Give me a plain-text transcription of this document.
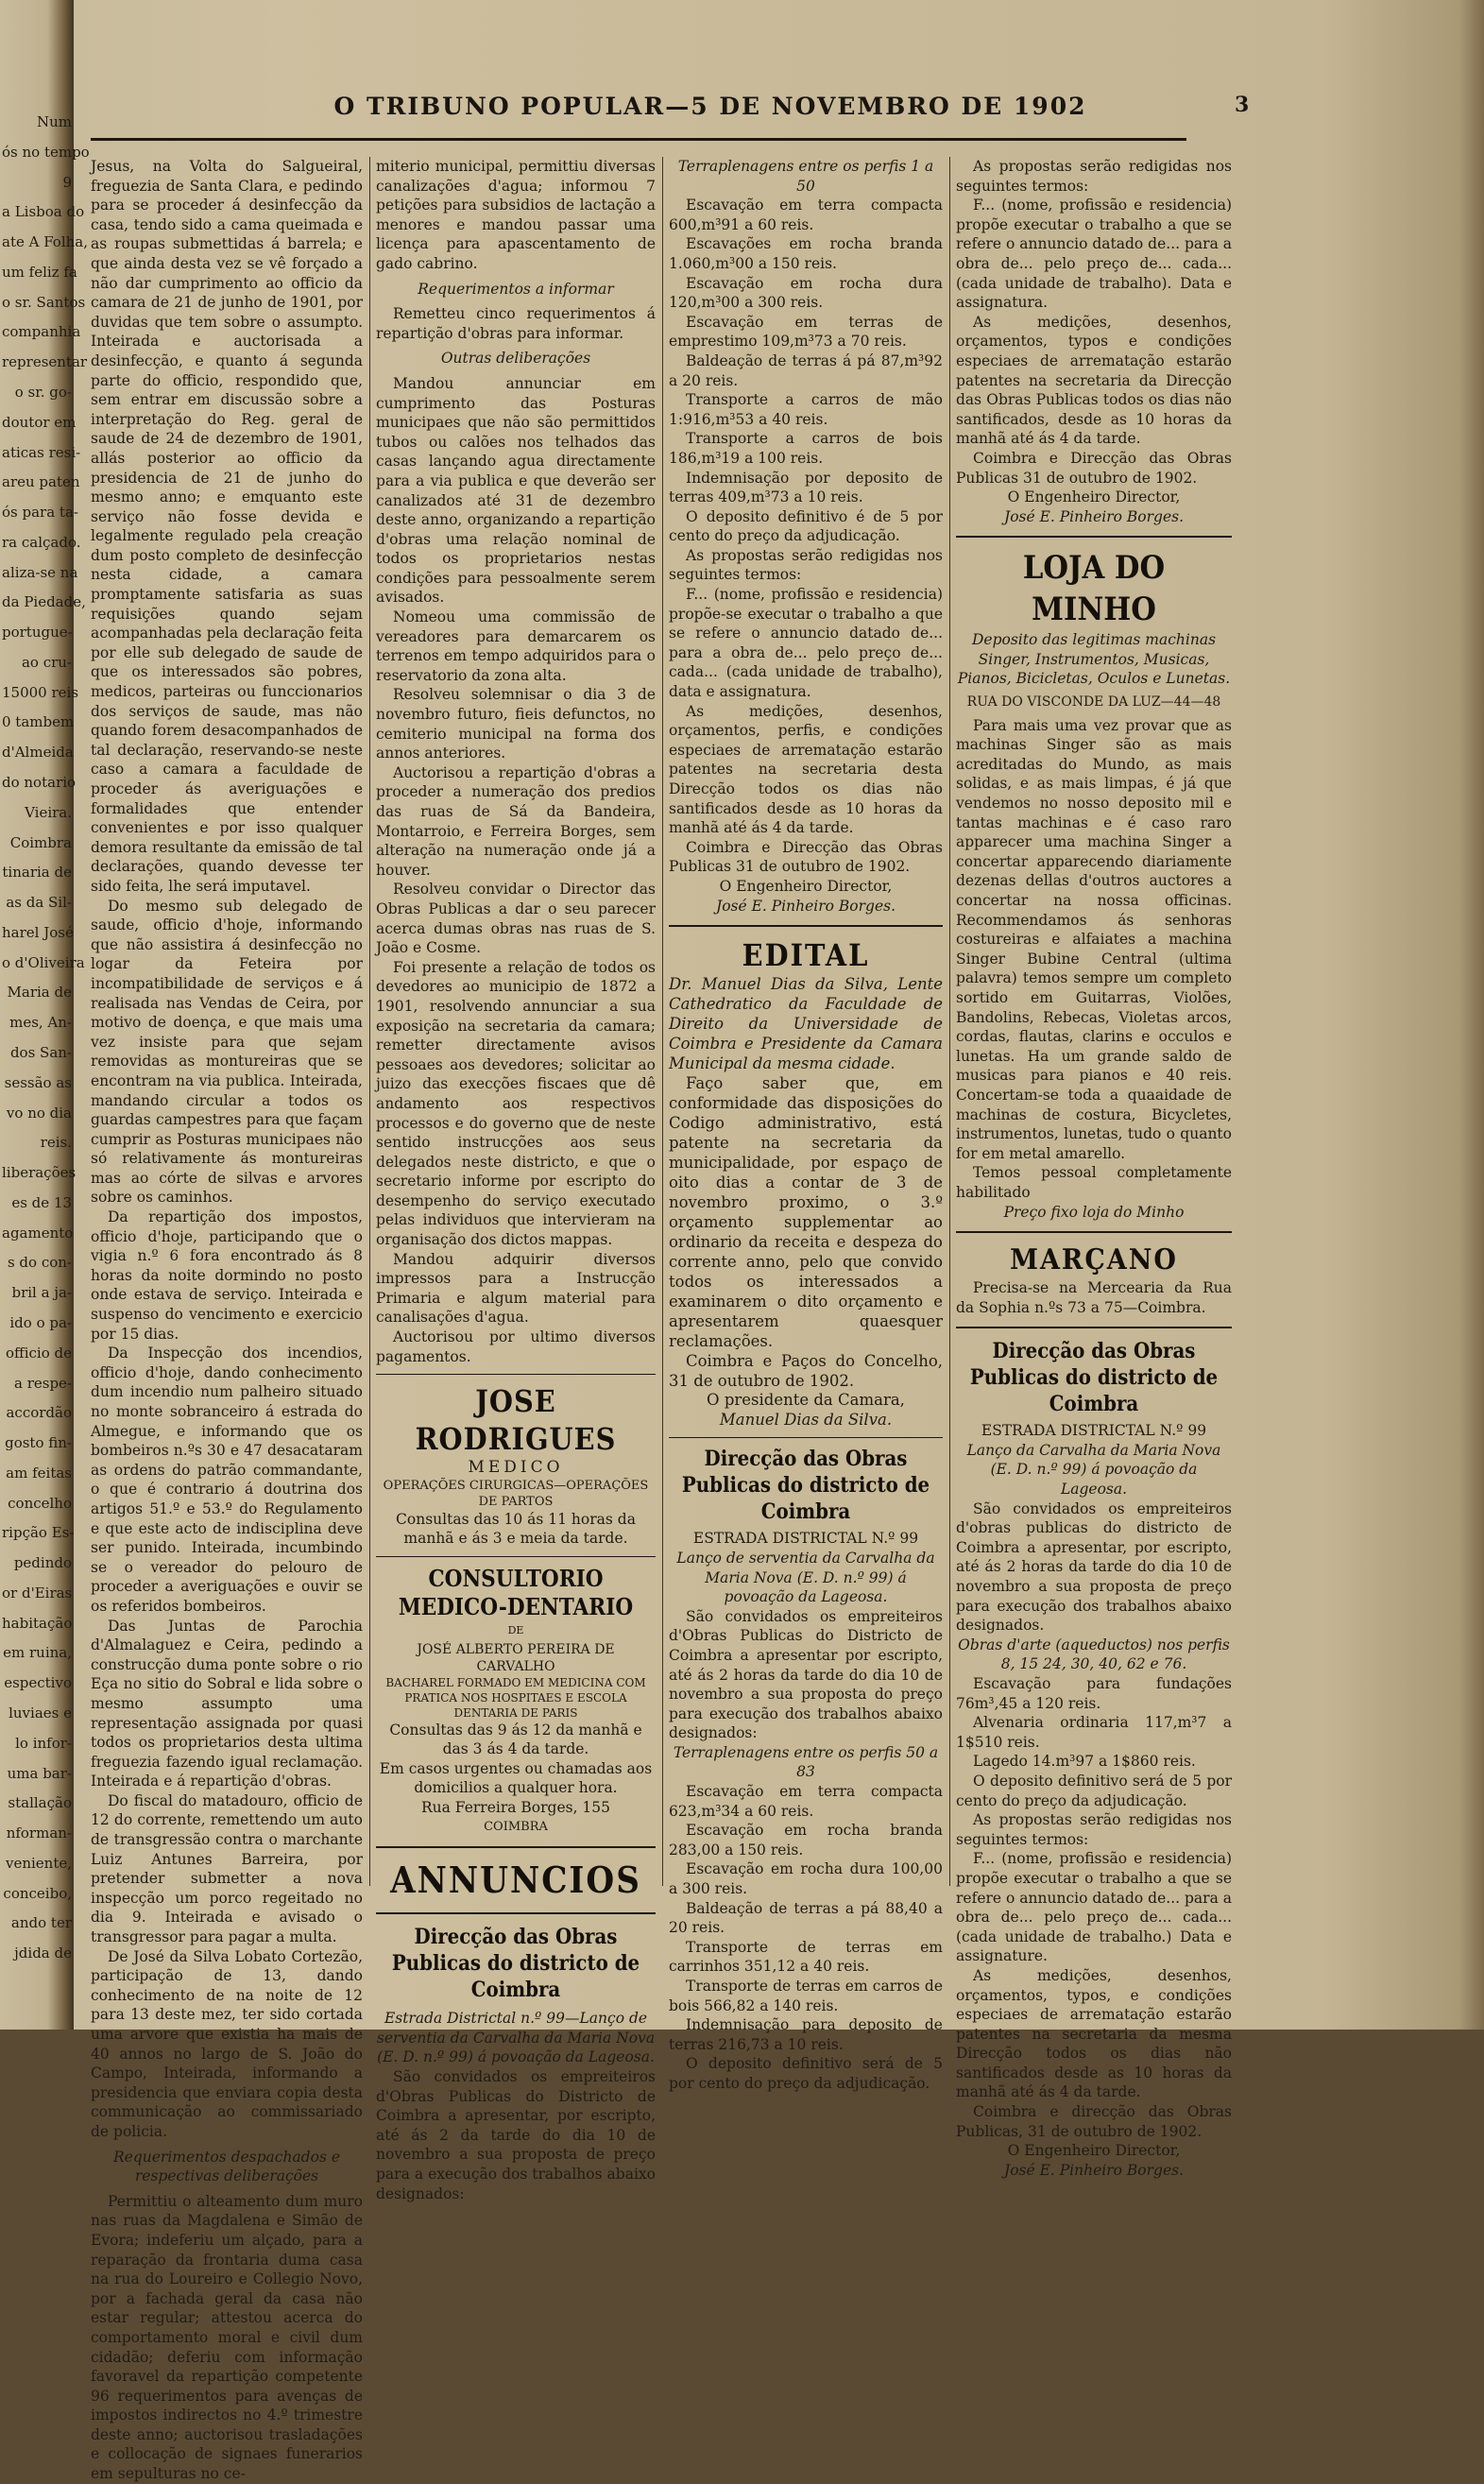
Num
ós no tempo
9
a Lisboa do
ate A Folha,
um feliz fa
o sr. Santos
companhia
representar
o sr. go-
doutor em
aticas resi-
areu paten
ós para ta-
ra calçado.
aliza-se na
da Piedade,
portugue-
ao cru-
15000 reis
0 tambem
d'Almeida
do notario
Vieira.
Coimbra
tinaria de
as da Sil-
harel José
o d'Oliveira
Maria de
mes, An-
dos San-
sessão as
vo no dia
reis.
liberações
es de 13
agamento
s do con-
bril a ja-
ido o pa-
officio de
a respe-
accordão
gosto fin-
am feitas
concelho
ripção Es-
pedindo
or d'Eiras
habitação
em ruina,
espectivo
luviaes e
lo infor-
uma bar-
stallação
nforman-
veniente,
conceibo,
ando ter
jdida de
O TRIBUNO POPULAR—5 DE NOVEMBRO DE 1902	3

Jesus, na Volta do Salgueiral, freguezia de Santa Clara, e pedindo para se proceder á desinfecção da casa, tendo sido a cama queimada e as roupas submettidas á barrela; e que ainda desta vez se vê forçado a não dar cumprimento ao officio da camara de 21 de junho de 1901, por duvidas que tem sobre o assumpto. Inteirada e auctorisada a desinfecção, e quanto á segunda parte do officio, respondido que, sem entrar em discussão sobre a interpretação do Reg. geral de saude de 24 de dezembro de 1901, allás posterior ao officio da presidencia de 21 de junho do mesmo anno; e emquanto este serviço não fosse devida e legalmente regulado pela creação dum posto completo de desinfecção nesta cidade, a camara promptamente satisfaria as suas requisições quando sejam acompanhadas pela declaração feita por elle sub delegado de saude de que os interessados são pobres, medicos, parteiras ou funccionarios dos serviços de saude, mas não quando forem desacompanhados de tal declaração, reservando-se neste caso a camara a faculdade de proceder ás averiguações e formalidades que entender convenientes e por isso qualquer demora resultante da emissão de tal declarações, quando devesse ter sido feita, lhe será imputavel.

Do mesmo sub delegado de saude, officio d'hoje, informando que não assistira á desinfecção no logar da Feteira por incompatibilidade de serviços e á realisada nas Vendas de Ceira, por motivo de doença, e que mais uma vez insiste para que sejam removidas as montureiras que se encontram na via publica. Inteirada, mandando circular a todos os guardas campestres para que façam cumprir as Posturas municipaes não só relativamente ás montureiras mas ao córte de silvas e arvores sobre os caminhos.

Da repartição dos impostos, officio d'hoje, participando que o vigia n.º 6 fora encontrado ás 8 horas da noite dormindo no posto onde estava de serviço. Inteirada e suspenso do vencimento e exercicio por 15 dias.

Da Inspecção dos incendios, officio d'hoje, dando conhecimento dum incendio num palheiro situado no monte sobranceiro á estrada do Almegue, e informando que os bombeiros n.ºs 30 e 47 desacataram as ordens do patrão commandante, o que é contrario á doutrina dos artigos 51.º e 53.º do Regulamento e que este acto de indisciplina deve ser punido. Inteirada, incumbindo se o vereador do pelouro de proceder a averiguações e ouvir se os referidos bombeiros.

Das Juntas de Parochia d'Almalaguez e Ceira, pedindo a construcção duma ponte sobre o rio Eça no sitio do Sobral e lida sobre o mesmo assumpto uma representação assignada por quasi todos os proprietarios desta ultima freguezia fazendo igual reclamação. Inteirada e á repartição d'obras.

Do fiscal do matadouro, officio de 12 do corrente, remettendo um auto de transgressão contra o marchante Luiz Antunes Barreira, por pretender submetter a nova inspecção um porco regeitado no dia 9. Inteirada e avisado o transgressor para pagar a multa.

De José da Silva Lobato Cortezão, participação de 13, dando conhecimento de na noite de 12 para 13 deste mez, ter sido cortada uma arvore que existia ha mais de 40 annos no largo de S. João do Campo, Inteirada, informando a presidencia que enviara copia desta communicação ao commissariado de policia.

Requerimentos despachados e respectivas deliberações

Permittiu o alteamento dum muro nas ruas da Magdalena e Simão de Evora; indeferiu um alçado, para a reparação da frontaria duma casa na rua do Loureiro e Collegio Novo, por a fachada geral da casa não estar regular; attestou acerca do comportamento moral e civil dum cidadão; deferiu com informação favoravel da repartição competente 96 requerimentos para avenças de impostos indirectos no 4.º trimestre deste anno; auctorisou trasladações e collocação de signaes funerarios em sepulturas no ce-

miterio municipal, permittiu diversas canalizações d'agua; informou 7 petições para subsidios de lactação a menores e mandou passar uma licença para apascentamento de gado cabrino.

Requerimentos a informar

Remetteu cinco requerimentos á repartição d'obras para informar.

Outras deliberações

Mandou annunciar em cumprimento das Posturas municipaes que não são permittidos tubos ou calões nos telhados das casas lançando agua directamente para a via publica e que deverão ser canalizados até 31 de dezembro deste anno, organizando a repartição d'obras uma relação nominal de todos os proprietarios nestas condições para pessoalmente serem avisados.

Nomeou uma commissão de vereadores para demarcarem os terrenos em tempo adquiridos para o reservatorio da zona alta.

Resolveu solemnisar o dia 3 de novembro futuro, fieis defunctos, no cemiterio municipal na forma dos annos anteriores.

Auctorisou a repartição d'obras a proceder a numeração dos predios das ruas de Sá da Bandeira, Montarroio, e Ferreira Borges, sem alteração na numeração onde já a houver.

Resolveu convidar o Director das Obras Publicas a dar o seu parecer acerca dumas obras nas ruas de S. João e Cosme.

Foi presente a relação de todos os devedores ao municipio de 1872 a 1901, resolvendo annunciar a sua exposição na secretaria da camara; remetter directamente avisos pessoaes aos devedores; solicitar ao juizo das execções fiscaes que dê andamento aos respectivos processos e do governo que de neste sentido instrucções aos seus delegados neste districto, e que o secretario informe por escripto do desempenho do serviço executado pelas individuos que intervieram na organisação dos dictos mappas.

Mandou adquirir diversos impressos para a Instrucção Primaria e algum material para canalisações d'agua.

Auctorisou por ultimo diversos pagamentos.

JOSE RODRIGUES
MEDICO
OPERAÇÕES CIRURGICAS—OPERAÇÕES DE PARTOS

Consultas das 10 ás 11 horas da manhã e ás 3 e meia da tarde.

CONSULTORIO MEDICO-DENTARIO
DE
JOSÉ ALBERTO PEREIRA DE CARVALHO
BACHAREL FORMADO EM MEDICINA COM PRATICA NOS HOSPITAES E ESCOLA DENTARIA DE PARIS

Consultas das 9 ás 12 da manhã e das 3 ás 4 da tarde.

Em casos urgentes ou chamadas aos domicilios a qualquer hora.

Rua Ferreira Borges, 155
COIMBRA
ANNUNCIOS
Direcção das Obras Publicas do districto de Coimbra

Estrada Districtal n.º 99—Lanço de serventia da Carvalha da Maria Nova (E. D. n.º 99) á povoação da Lageosa.

São convidados os empreiteiros d'Obras Publicas do Districto de Coimbra a apresentar, por escripto, até ás 2 da tarde do dia 10 de novembro a sua proposta de preço para a execução dos trabalhos abaixo designados:

Terraplenagens entre os perfis 1 a 50

Escavação em terra compacta 600,m³91 a 60 reis.

Escavações em rocha branda 1.060,m³00 a 150 reis.

Escavação em rocha dura 120,m³00 a 300 reis.

Escavação em terras de emprestimo 109,m³73 a 70 reis.

Baldeação de terras á pá 87,m³92 a 20 reis.

Transporte a carros de mão 1:916,m³53 a 40 reis.

Transporte a carros de bois 186,m³19 a 100 reis.

Indemnisação por deposito de terras 409,m³73 a 10 reis.

O deposito definitivo é de 5 por cento do preço da adjudicação.

As propostas serão redigidas nos seguintes termos:

F... (nome, profissão e residencia) propõe-se executar o trabalho a que se refere o annuncio datado de... para a obra de... pelo preço de... cada... (cada unidade de trabalho), data e assignatura.

As medições, desenhos, orçamentos, perfis, e condições especiaes de arrematação estarão patentes na secretaria desta Direcção todos os dias não santificados desde as 10 horas da manhã até ás 4 da tarde.

Coimbra e Direcção das Obras Publicas 31 de outubro de 1902.

O Engenheiro Director,

José E. Pinheiro Borges.

EDITAL

Dr. Manuel Dias da Silva, Lente Cathedratico da Faculdade de Direito da Universidade de Coimbra e Presidente da Camara Municipal da mesma cidade.

Faço saber que, em conformidade das disposições do Codigo administrativo, está patente na secretaria da municipalidade, por espaço de oito dias a contar de 3 de novembro proximo, o 3.º orçamento supplementar ao ordinario da receita e despeza do corrente anno, pelo que convido todos os interessados a examinarem o dito orçamento e apresentarem quaesquer reclamações.

Coimbra e Paços do Concelho, 31 de outubro de 1902.

O presidente da Camara,

Manuel Dias da Silva.

Direcção das Obras Publicas do districto de Coimbra

ESTRADA DISTRICTAL N.º 99

Lanço de serventia da Carvalha da Maria Nova (E. D. n.º 99) á povoação da Lageosa.

São convidados os empreiteiros d'Obras Publicas do Districto de Coimbra a apresentar por escripto, até ás 2 horas da tarde do dia 10 de novembro a sua proposta do preço para execução dos trabalhos abaixo designados:

Terraplenagens entre os perfis 50 a 83

Escavação em terra compacta 623,m³34 a 60 reis.

Escavação em rocha branda 283,00 a 150 reis.

Escavação em rocha dura 100,00 a 300 reis.

Baldeação de terras a pá 88,40 a 20 reis.

Transporte de terras em carrinhos 351,12 a 40 reis.

Transporte de terras em carros de bois 566,82 a 140 reis.

Indemnisação para deposito de terras 216,73 a 10 reis.

O deposito definitivo será de 5 por cento do preço da adjudicação.

As propostas serão redigidas nos seguintes termos:

F... (nome, profissão e residencia) propõe executar o trabalho a que se refere o annuncio datado de... para a obra de... pelo preço de... cada... (cada unidade de trabalho). Data e assignatura.

As medições, desenhos, orçamentos, typos e condições especiaes de arrematação estarão patentes na secretaria da Direcção das Obras Publicas todos os dias não santificados, desde as 10 horas da manhã até ás 4 da tarde.

Coimbra e Direcção das Obras Publicas 31 de outubro de 1902.

O Engenheiro Director,

José E. Pinheiro Borges.

LOJA DO MINHO

Deposito das legitimas machinas Singer, Instrumentos, Musicas, Pianos, Bicicletas, Oculos e Lunetas.

RUA DO VISCONDE DA LUZ—44—48

Para mais uma vez provar que as machinas Singer são as mais acreditadas do Mundo, as mais solidas, e as mais limpas, é já que vendemos no nosso deposito mil e tantas machinas e é caso raro apparecer uma machina Singer a concertar apparecendo diariamente dezenas dellas d'outros auctores a concertar na nossa officinas. Recommendamos ás senhoras costureiras e alfaiates a machina Singer Bubine Central (ultima palavra) temos sempre um completo sortido em Guitarras, Violões, Bandolins, Rebecas, Violetas arcos, cordas, flautas, clarins e occulos e lunetas. Ha um grande saldo de musicas para pianos e 40 reis. Concertam-se toda a quaaidade de machinas de costura, Bicycletes, instrumentos, lunetas, tudo o quanto for em metal amarello.

Temos pessoal completamente habilitado

Preço fixo loja do Minho

MARÇANO

Precisa-se na Mercearia da Rua da Sophia n.ºs 73 a 75—Coimbra.

Direcção das Obras Publicas do districto de Coimbra

ESTRADA DISTRICTAL N.º 99

Lanço da Carvalha da Maria Nova (E. D. n.º 99) á povoação da Lageosa.

São convidados os empreiteiros d'obras publicas do districto de Coimbra a apresentar, por escripto, até ás 2 horas da tarde do dia 10 de novembro a sua proposta de preço para execução dos trabalhos abaixo designados.

Obras d'arte (aqueductos) nos perfis 8, 15 24, 30, 40, 62 e 76.

Escavação para fundações 76m³,45 a 120 reis.

Alvenaria ordinaria 117,m³7 a 1$510 reis.

Lagedo 14.m³97 a 1$860 reis.

O deposito definitivo será de 5 por cento do preço da adjudicação.

As propostas serão redigidas nos seguintes termos:

F... (nome, profissão e residencia) propõe executar o trabalho a que se refere o annuncio datado de... para a obra de... pelo preço de... cada... (cada unidade de trabalho.) Data e assignature.

As medições, desenhos, orçamentos, typos, e condições especiaes de arrematação estarão patentes na secretaria da mesma Direcção todos os dias não santificados desde as 10 horas da manhã até ás 4 da tarde.

Coimbra e direcção das Obras Publicas, 31 de outubro de 1902.

O Engenheiro Director,

José E. Pinheiro Borges.
